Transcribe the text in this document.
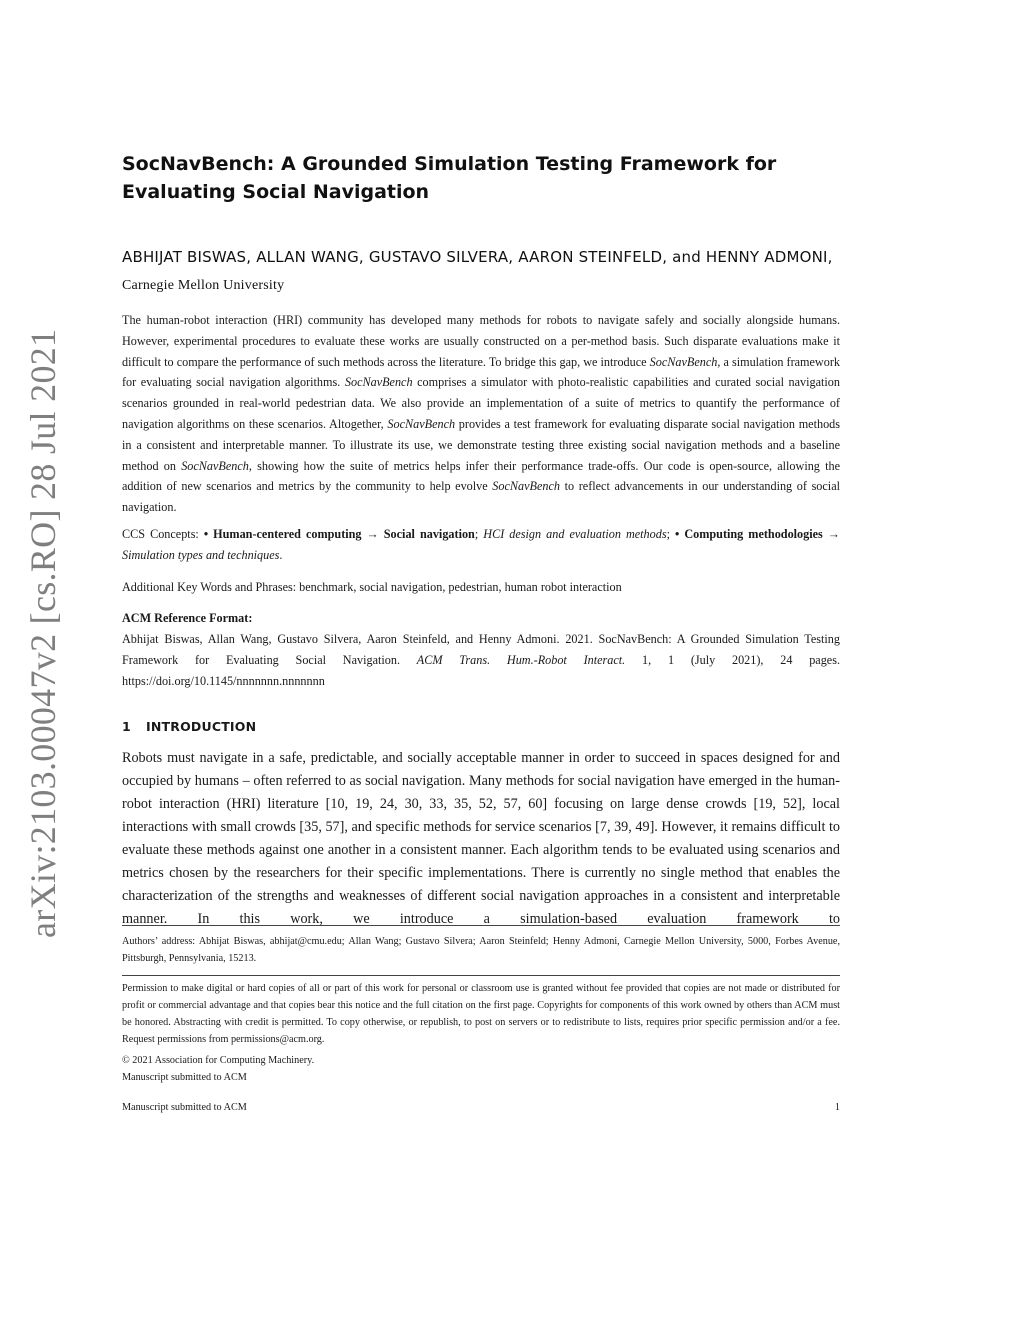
arXiv:2103.00047v2 [cs.RO] 28 Jul 2021
SocNavBench: A Grounded Simulation Testing Framework for Evaluating Social Navigation

ABHIJAT BISWAS, ALLAN WANG, GUSTAVO SILVERA, AARON STEINFELD, and HENNY ADMONI, Carnegie Mellon University

The human-robot interaction (HRI) community has developed many methods for robots to navigate safely and socially alongside humans. However, experimental procedures to evaluate these works are usually constructed on a per-method basis. Such disparate evaluations make it difficult to compare the performance of such methods across the literature. To bridge this gap, we introduce SocNavBench, a simulation framework for evaluating social navigation algorithms. SocNavBench comprises a simulator with photo-realistic capabilities and curated social navigation scenarios grounded in real-world pedestrian data. We also provide an implementation of a suite of metrics to quantify the performance of navigation algorithms on these scenarios. Altogether, SocNavBench provides a test framework for evaluating disparate social navigation methods in a consistent and interpretable manner. To illustrate its use, we demonstrate testing three existing social navigation methods and a baseline method on SocNavBench, showing how the suite of metrics helps infer their performance trade-offs. Our code is open-source, allowing the addition of new scenarios and metrics by the community to help evolve SocNavBench to reflect advancements in our understanding of social navigation.

CCS Concepts: • Human-centered computing → Social navigation; HCI design and evaluation methods; • Computing methodologies → Simulation types and techniques.

Additional Key Words and Phrases: benchmark, social navigation, pedestrian, human robot interaction

ACM Reference Format:

Abhijat Biswas, Allan Wang, Gustavo Silvera, Aaron Steinfeld, and Henny Admoni. 2021. SocNavBench: A Grounded Simulation Testing Framework for Evaluating Social Navigation. ACM Trans. Hum.-Robot Interact. 1, 1 (July 2021), 24 pages. https://doi.org/10.1145/nnnnnnn.nnnnnnn

1 INTRODUCTION

Robots must navigate in a safe, predictable, and socially acceptable manner in order to succeed in spaces designed for and occupied by humans – often referred to as social navigation. Many methods for social navigation have emerged in the human-robot interaction (HRI) literature [10, 19, 24, 30, 33, 35, 52, 57, 60] focusing on large dense crowds [19, 52], local interactions with small crowds [35, 57], and specific methods for service scenarios [7, 39, 49]. However, it remains difficult to evaluate these methods against one another in a consistent manner. Each algorithm tends to be evaluated using scenarios and metrics chosen by the researchers for their specific implementations. There is currently no single method that enables the characterization of the strengths and weaknesses of different social navigation approaches in a consistent and interpretable manner. In this work, we introduce a simulation-based evaluation framework to

Authors’ address: Abhijat Biswas, abhijat@cmu.edu; Allan Wang; Gustavo Silvera; Aaron Steinfeld; Henny Admoni, Carnegie Mellon University, 5000, Forbes Avenue, Pittsburgh, Pennsylvania, 15213.

Permission to make digital or hard copies of all or part of this work for personal or classroom use is granted without fee provided that copies are not made or distributed for profit or commercial advantage and that copies bear this notice and the full citation on the first page. Copyrights for components of this work owned by others than ACM must be honored. Abstracting with credit is permitted. To copy otherwise, or republish, to post on servers or to redistribute to lists, requires prior specific permission and/or a fee. Request permissions from permissions@acm.org.

© 2021 Association for Computing Machinery.

Manuscript submitted to ACM

Manuscript submitted to ACM	1
